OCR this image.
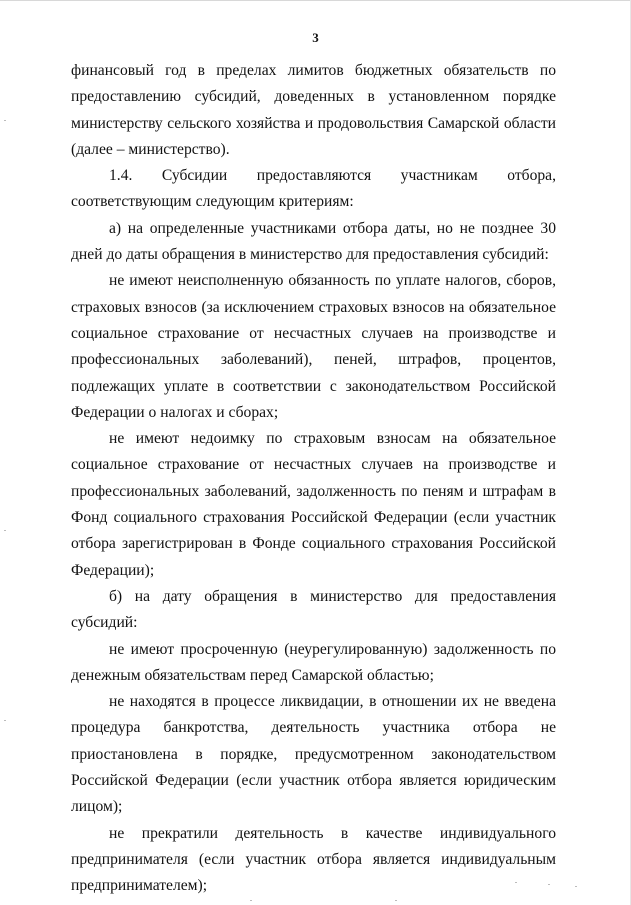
3

финансовый год в пределах лимитов бюджетных обязательств по предоставлению субсидий, доведенных в установленном порядке министерству сельского хозяйства и продовольствия Самарской области (далее – министерство).

1.4. Субсидии предоставляются участникам отбора, соответствующим следующим критериям:

а) на определенные участниками отбора даты, но не позднее 30 дней до даты обращения в министерство для предоставления субсидий:

не имеют неисполненную обязанность по уплате налогов, сборов, страховых взносов (за исключением страховых взносов на обязательное социальное страхование от несчастных случаев на производстве и профессиональных заболеваний), пеней, штрафов, процентов, подлежащих уплате в соответствии с законодательством Российской Федерации о налогах и сборах;

не имеют недоимку по страховым взносам на обязательное социальное страхование от несчастных случаев на производстве и профессиональных заболеваний, задолженность по пеням и штрафам в Фонд социального страхования Российской Федерации (если участник отбора зарегистрирован в Фонде социального страхования Российской Федерации);

б) на дату обращения в министерство для предоставления субсидий:

не имеют просроченную (неурегулированную) задолженность по денежным обязательствам перед Самарской областью;

не находятся в процессе ликвидации, в отношении их не введена процедура банкротства, деятельность участника отбора не приостановлена в порядке, предусмотренном законодательством Российской Федерации (если участник отбора является юридическим лицом);

не прекратили деятельность в качестве индивидуального предпринимателя (если участник отбора является индивидуальным предпринимателем);
